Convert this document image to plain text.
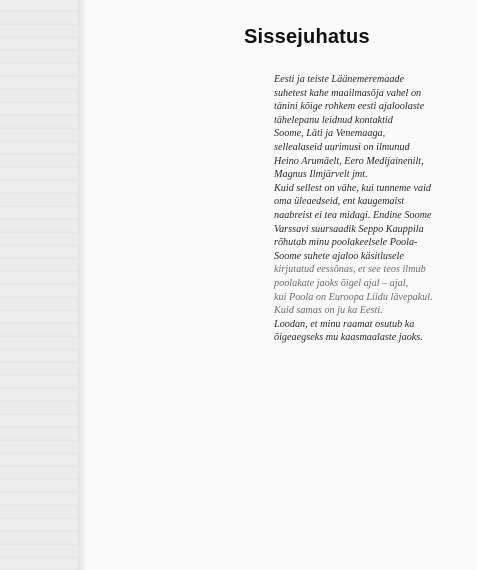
Sissejuhatus
Eesti ja teiste Läänemeremaade
suhetest kahe maailmasõja vahel on
tänini kõige rohkem eesti ajaloolaste
tähelepanu leidnud kontaktid
Soome, Läti ja Venemaaga,
sellealaseid uurimusi on ilmunud
Heino Arumäelt, Eero Medijainenilt,
Magnus Ilmjärvelt jmt.
Kuid sellest on vähe, kui tunneme vaid
oma üleaedseid, ent kaugemaist
naabreist ei tea midagi. Endine Soome
Varssavi suursaadik Seppo Kauppila
rõhutab minu poolakeelsele Poola-
Soome suhete ajaloo käsitlusele
kirjutatud eessõnas, et see teos ilmub
poolakate jaoks õigel ajal – ajal,
kui Poola on Euroopa Liidu lävepakul.
Kuid samas on ju ka Eesti.
Loodan, et minu raamat osutub ka
õigeaegseks mu kaasmaalaste jaoks.
